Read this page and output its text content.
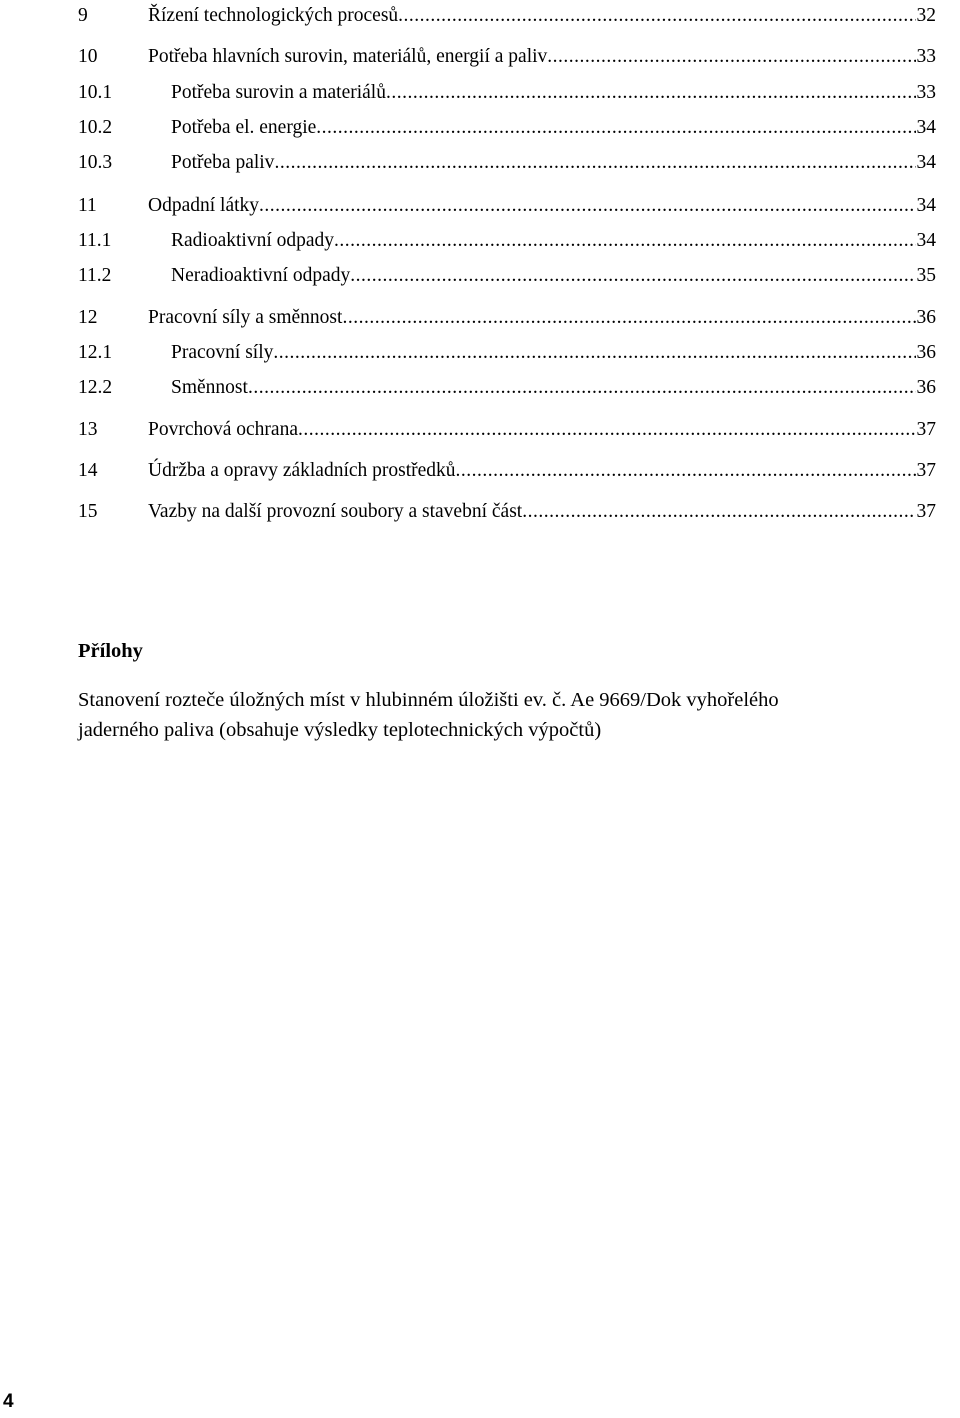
9	Řízení technologických procesů .....	32
10	Potřeba hlavních surovin, materiálů, energií a paliv .....	33
10.1	Potřeba surovin a materiálů .....	33
10.2	Potřeba el. energie .....	34
10.3	Potřeba paliv .....	34
11	Odpadní látky .....	34
11.1	Radioaktivní odpady .....	34
11.2	Neradioaktivní odpady .....	35
12	Pracovní síly a směnnost .....	36
12.1	Pracovní síly .....	36
12.2	Směnnost .....	36
13	Povrchová ochrana .....	37
14	Údržba a opravy základních prostředků .....	37
15	Vazby na další provozní soubory a stavební část .....	37
Přílohy
Stanovení rozteče úložných míst v hlubinném úložišti ev. č. Ae 9669/Dok vyhořelého
jaderného paliva (obsahuje výsledky teplotechnických výpočtů)
4
